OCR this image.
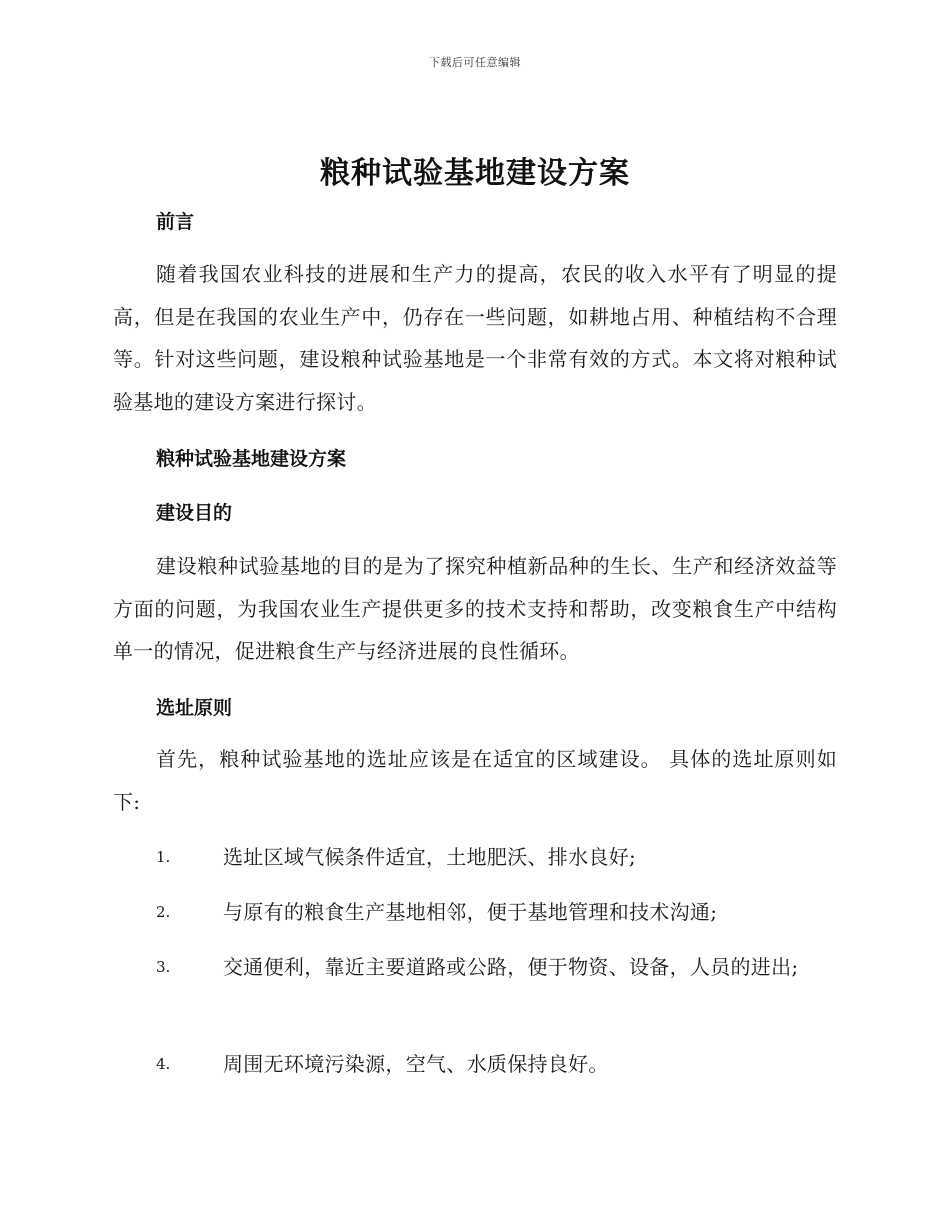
下载后可任意编辑
粮种试验基地建设方案
前言
随着我国农业科技的进展和生产力的提高，农民的收入水平有了明显的提高，但是在我国的农业生产中，仍存在一些问题，如耕地占用、种植结构不合理等。针对这些问题，建设粮种试验基地是一个非常有效的方式。本文将对粮种试验基地的建设方案进行探讨。
粮种试验基地建设方案
建设目的
建设粮种试验基地的目的是为了探究种植新品种的生长、生产和经济效益等方面的问题，为我国农业生产提供更多的技术支持和帮助，改变粮食生产中结构单一的情况，促进粮食生产与经济进展的良性循环。
选址原则
首先，粮种试验基地的选址应该是在适宜的区域建设。 具体的选址原则如下:
1.	选址区域气候条件适宜，土地肥沃、排水良好;
2.	与原有的粮食生产基地相邻，便于基地管理和技术沟通;
3.	交通便利，靠近主要道路或公路，便于物资、设备，人员的进出;
4.	周围无环境污染源，空气、水质保持良好。
